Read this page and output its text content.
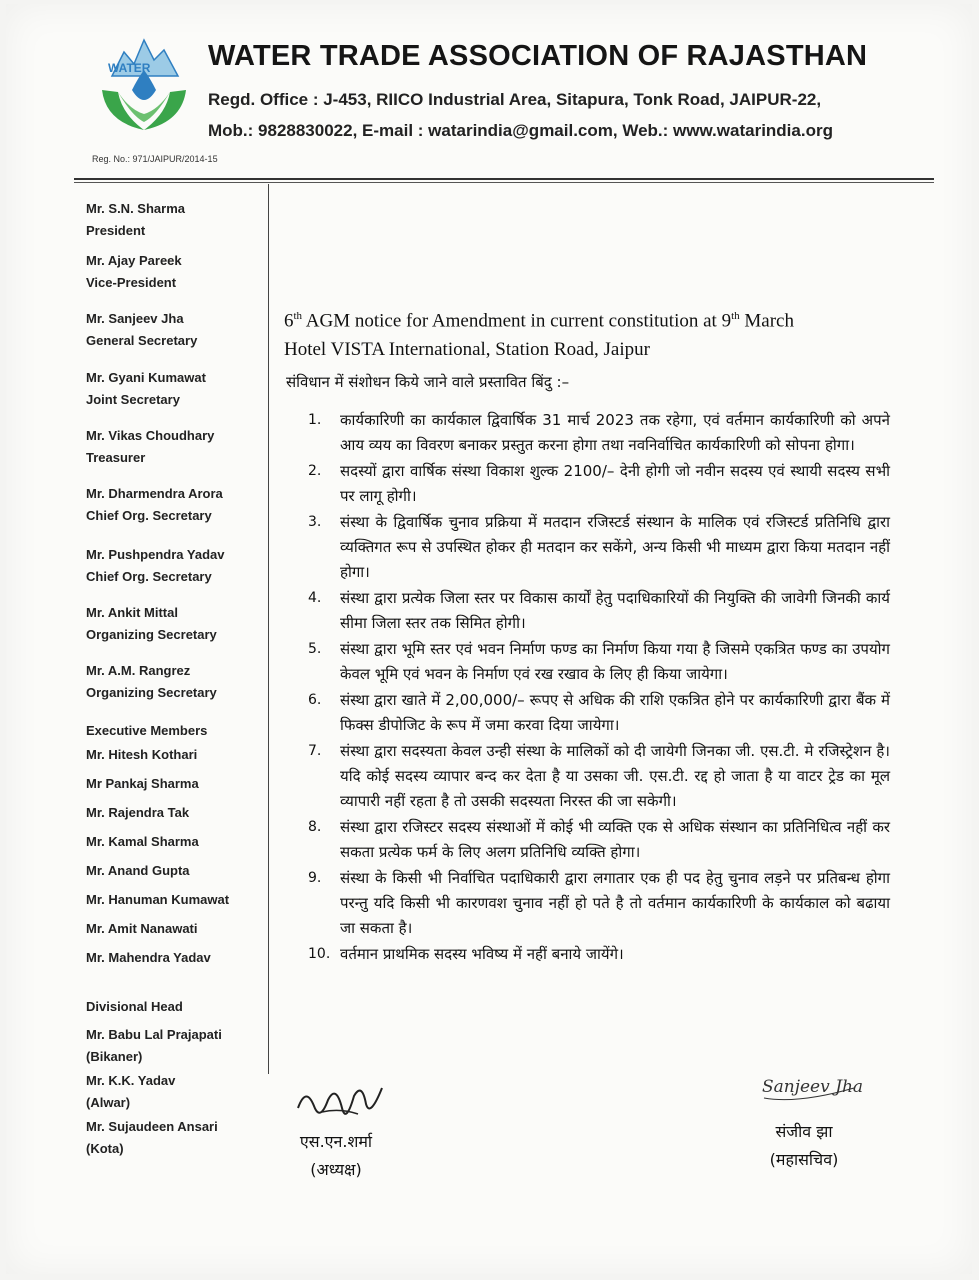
WATER WATER TRADE ASSOCIATION OF RAJASTHAN
Regd. Office : J-453, RIICO Industrial Area, Sitapura, Tonk Road, JAIPUR-22,
Mob.: 9828830022, E-mail : watarindia@gmail.com, Web.: www.watarindia.org
Reg. No.: 971/JAIPUR/2014-15
Mr. S.N. Sharma
President
Mr. Ajay Pareek
Vice-President
Mr. Sanjeev Jha
General Secretary
Mr. Gyani Kumawat
Joint Secretary
Mr. Vikas Choudhary
Treasurer
Mr. Dharmendra Arora
Chief Org. Secretary
Mr. Pushpendra Yadav
Chief Org. Secretary
Mr. Ankit Mittal
Organizing Secretary
Mr. A.M. Rangrez
Organizing Secretary
Executive Members
Mr. Hitesh Kothari
Mr Pankaj Sharma
Mr. Rajendra Tak
Mr. Kamal Sharma
Mr. Anand Gupta
Mr. Hanuman Kumawat
Mr. Amit Nanawati
Mr. Mahendra Yadav
Divisional Head
Mr. Babu Lal Prajapati
(Bikaner)
Mr. K.K. Yadav
(Alwar)
Mr. Sujaudeen Ansari
(Kota)
6th AGM notice for Amendment in current constitution at 9th March
Hotel VISTA International, Station Road, Jaipur
संविधान में संशोधन किये जाने वाले प्रस्तावित बिंदु :–
1.	कार्यकारिणी का कार्यकाल द्विवार्षिक 31 मार्च 2023 तक रहेगा, एवं वर्तमान कार्यकारिणी को अपने आय व्यय का विवरण बनाकर प्रस्तुत करना होगा तथा नवनिर्वाचित कार्यकारिणी को सोपना होगा।
2.	सदस्यों द्वारा वार्षिक संस्था विकाश शुल्क 2100/– देनी होगी जो नवीन सदस्य एवं स्थायी सदस्य सभी पर लागू होगी।
3.	संस्था के द्विवार्षिक चुनाव प्रक्रिया में मतदान रजिस्टर्ड संस्थान के मालिक एवं रजिस्टर्ड प्रतिनिधि द्वारा व्यक्तिगत रूप से उपस्थित होकर ही मतदान कर सकेंगे, अन्य किसी भी माध्यम द्वारा किया मतदान नहीं होगा।
4.	संस्था द्वारा प्रत्येक जिला स्तर पर विकास कार्यों हेतु पदाधिकारियों की नियुक्ति की जावेगी जिनकी कार्य सीमा जिला स्तर तक सिमित होगी।
5.	संस्था द्वारा भूमि स्तर एवं भवन निर्माण फण्ड का निर्माण किया गया है जिसमे एकत्रित फण्ड का उपयोग केवल भूमि एवं भवन के निर्माण एवं रख रखाव के लिए ही किया जायेगा।
6.	संस्था द्वारा खाते में 2,00,000/– रूपए से अधिक की राशि एकत्रित होने पर कार्यकारिणी द्वारा बैंक में फिक्स डीपोजिट के रूप में जमा करवा दिया जायेगा।
7.	संस्था द्वारा सदस्यता केवल उन्ही संस्था के मालिकों को दी जायेगी जिनका जी. एस.टी. मे रजिस्ट्रेशन है। यदि कोई सदस्य व्यापार बन्द कर देता है या उसका जी. एस.टी. रद्द हो जाता है या वाटर ट्रेड का मूल व्यापारी नहीं रहता है तो उसकी सदस्यता निरस्त की जा सकेगी।
8.	संस्था द्वारा रजिस्टर सदस्य संस्थाओं में कोई भी व्यक्ति एक से अधिक संस्थान का प्रतिनिधित्व नहीं कर सकता प्रत्येक फर्म के लिए अलग प्रतिनिधि व्यक्ति होगा।
9.	संस्था के किसी भी निर्वाचित पदाधिकारी द्वारा लगातार एक ही पद हेतु चुनाव लड़ने पर प्रतिबन्ध होगा परन्तु यदि किसी भी कारणवश चुनाव नहीं हो पते है तो वर्तमान कार्यकारिणी के कार्यकाल को बढाया जा सकता है।
10. वर्तमान प्राथमिक सदस्य भविष्य में नहीं बनाये जायेंगे।
एस.एन.शर्मा
(अध्यक्ष)
Sanjeev Jha
संजीव झा
(महासचिव)
